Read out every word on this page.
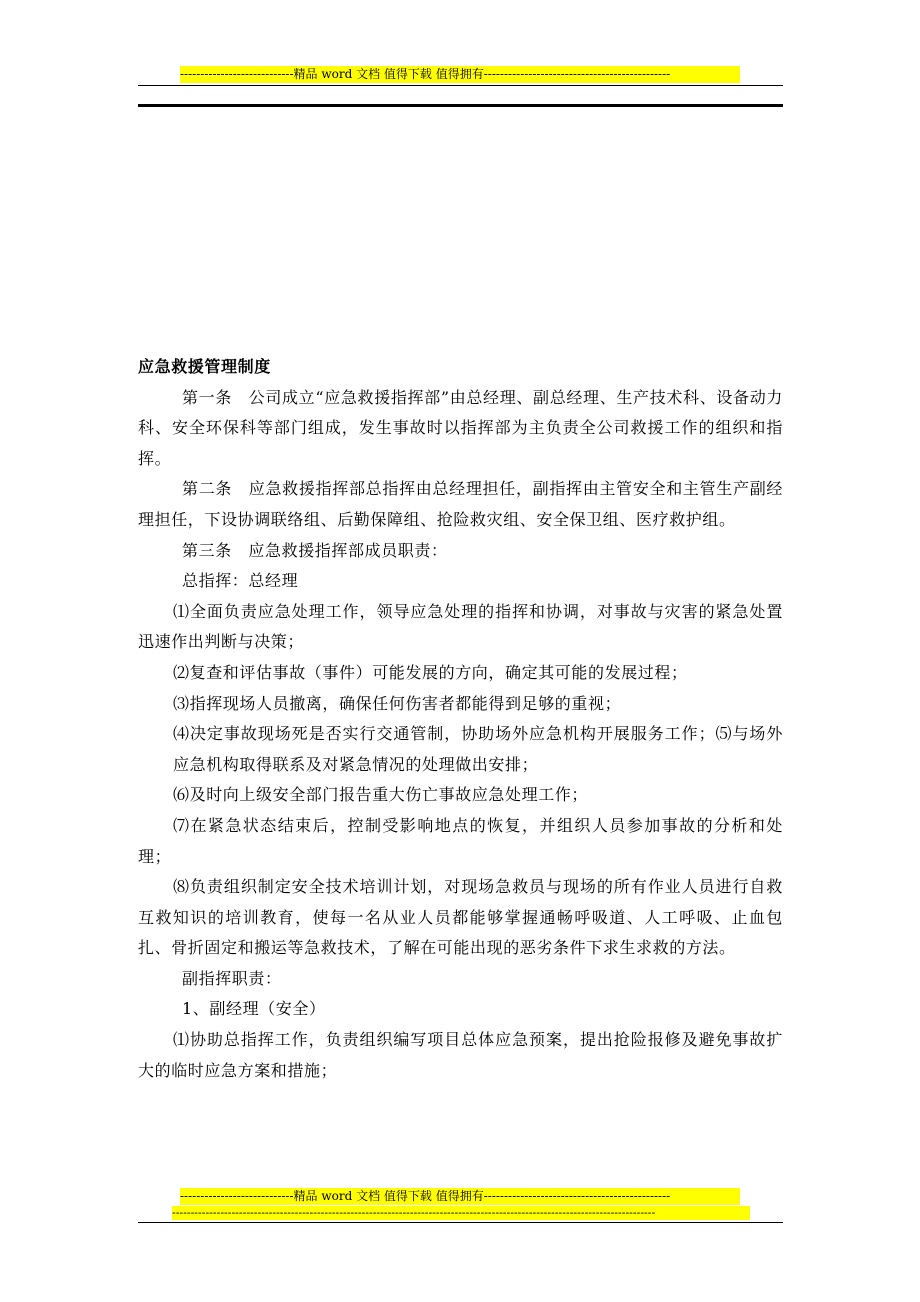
----------------------------精品 word 文档 值得下载 值得拥有----------------------------------------------

应急救援管理制度

第一条　公司成立“应急救援指挥部”由总经理、副总经理、生产技术科、设备动力科、安全环保科等部门组成，发生事故时以指挥部为主负责全公司救援工作的组织和指挥。

第二条　应急救援指挥部总指挥由总经理担任，副指挥由主管安全和主管生产副经理担任，下设协调联络组、后勤保障组、抢险救灾组、安全保卫组、医疗救护组。

第三条　应急救援指挥部成员职责：

总指挥：总经理

⑴全面负责应急处理工作，领导应急处理的指挥和协调，对事故与灾害的紧急处置迅速作出判断与决策；

⑵复查和评估事故（事件）可能发展的方向，确定其可能的发展过程；

⑶指挥现场人员撤离，确保任何伤害者都能得到足够的重视；

⑷决定事故现场死是否实行交通管制，协助场外应急机构开展服务工作；⑸与场外应急机构取得联系及对紧急情况的处理做出安排；

⑹及时向上级安全部门报告重大伤亡事故应急处理工作；

⑺在紧急状态结束后，控制受影响地点的恢复，并组织人员参加事故的分析和处理；

⑻负责组织制定安全技术培训计划，对现场急救员与现场的所有作业人员进行自救互救知识的培训教育，使每一名从业人员都能够掌握通畅呼吸道、人工呼吸、止血包扎、骨折固定和搬运等急救技术，了解在可能出现的恶劣条件下求生求救的方法。

副指挥职责：

1、副经理（安全）

⑴协助总指挥工作，负责组织编写项目总体应急预案，提出抢险报修及避免事故扩大的临时应急方案和措施；

----------------------------精品 word 文档 值得下载 值得拥有----------------------------------------------
----------------------------------------------------------------------------------------------------------------------------------
